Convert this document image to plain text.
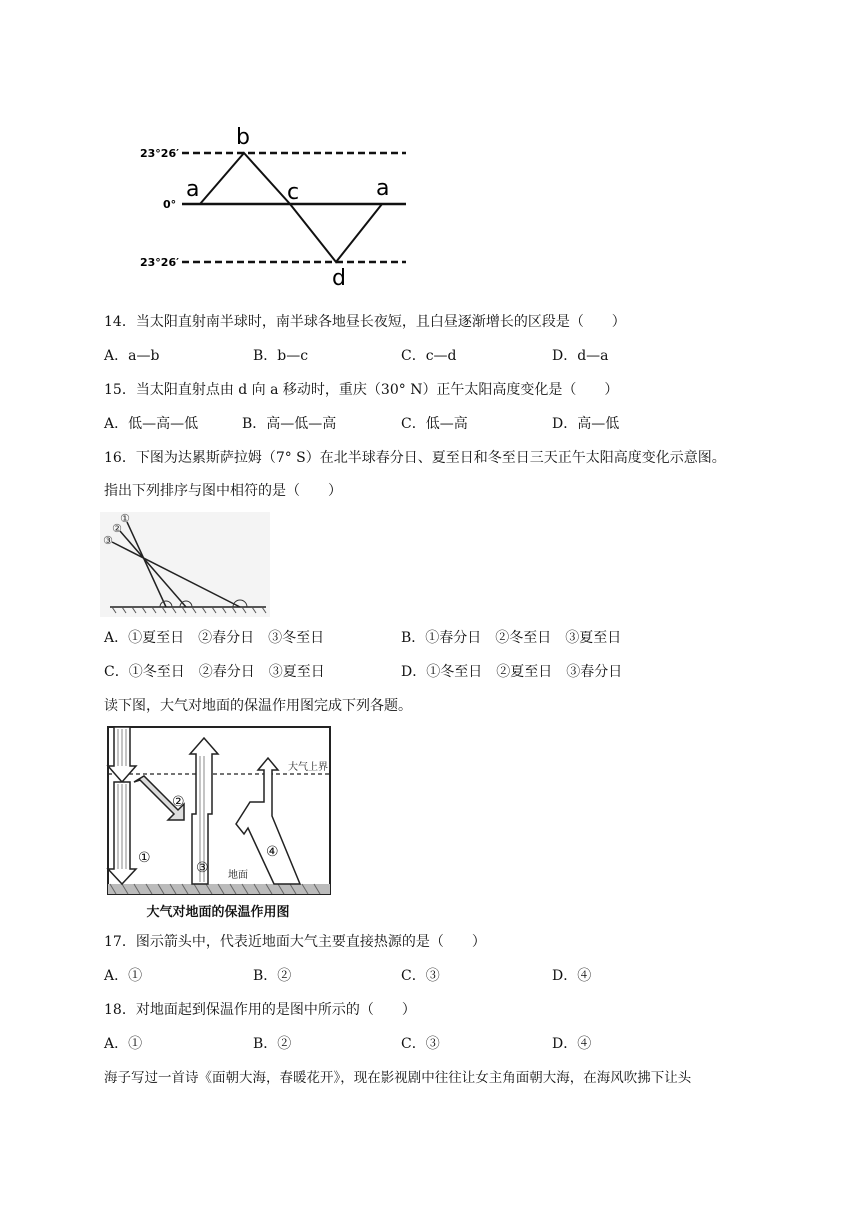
23°26′
0°
23°26′
a
b
c	a
d
14．当太阳直射南半球时，南半球各地昼长夜短，且白昼逐渐增长的区段是（　　）
A．a—b	B．b—c	C．c—d	D．d—a
15．当太阳直射点由 d 向 a 移动时，重庆（30° N）正午太阳高度变化是（　　）
A．低—高—低	B．高—低—高	C．低—高	D．高—低
16．下图为达累斯萨拉姆（7° S）在北半球春分日、夏至日和冬至日三天正午太阳高度变化示意图。
指出下列排序与图中相符的是（　　）
①
②
③
A．①夏至日　②春分日　③冬至日	B．①春分日　②冬至日　③夏至日
C．①冬至日　②春分日　③夏至日	D．①冬至日　②夏至日　③春分日
读下图，大气对地面的保温作用图完成下列各题。
大气上界
地面
①
②
③
④
大气对地面的保温作用图
17．图示箭头中，代表近地面大气主要直接热源的是（　　）
A．①	B．②	C．③	D．④
18．对地面起到保温作用的是图中所示的（　　）
A．①	B．②	C．③	D．④
海子写过一首诗《面朝大海，春暖花开》，现在影视剧中往往让女主角面朝大海，在海风吹拂下让头
